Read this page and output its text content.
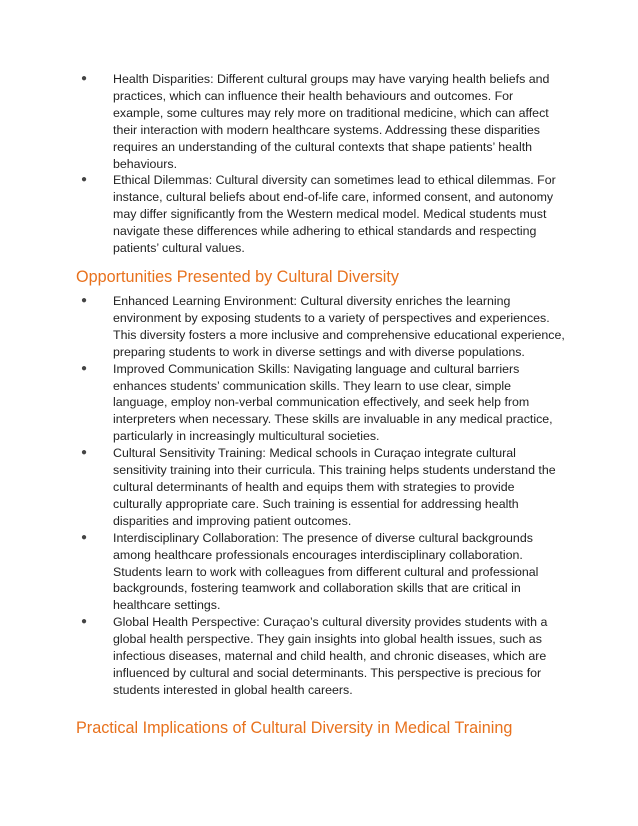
● Health Disparities: Different cultural groups may have varying health beliefs and practices, which can influence their health behaviours and outcomes. For example, some cultures may rely more on traditional medicine, which can affect their interaction with modern healthcare systems. Addressing these disparities requires an understanding of the cultural contexts that shape patients’ health behaviours.
● Ethical Dilemmas: Cultural diversity can sometimes lead to ethical dilemmas. For instance, cultural beliefs about end-of-life care, informed consent, and autonomy may differ significantly from the Western medical model. Medical students must navigate these differences while adhering to ethical standards and respecting patients’ cultural values.
Opportunities Presented by Cultural Diversity
● Enhanced Learning Environment: Cultural diversity enriches the learning environment by exposing students to a variety of perspectives and experiences. This diversity fosters a more inclusive and comprehensive educational experience, preparing students to work in diverse settings and with diverse populations.
● Improved Communication Skills: Navigating language and cultural barriers enhances students’ communication skills. They learn to use clear, simple language, employ non-verbal communication effectively, and seek help from interpreters when necessary. These skills are invaluable in any medical practice, particularly in increasingly multicultural societies.
● Cultural Sensitivity Training: Medical schools in Curaçao integrate cultural sensitivity training into their curricula. This training helps students understand the cultural determinants of health and equips them with strategies to provide culturally appropriate care. Such training is essential for addressing health disparities and improving patient outcomes.
● Interdisciplinary Collaboration: The presence of diverse cultural backgrounds among healthcare professionals encourages interdisciplinary collaboration. Students learn to work with colleagues from different cultural and professional backgrounds, fostering teamwork and collaboration skills that are critical in healthcare settings.
● Global Health Perspective: Curaçao’s cultural diversity provides students with a global health perspective. They gain insights into global health issues, such as infectious diseases, maternal and child health, and chronic diseases, which are influenced by cultural and social determinants. This perspective is precious for students interested in global health careers.
Practical Implications of Cultural Diversity in Medical Training
